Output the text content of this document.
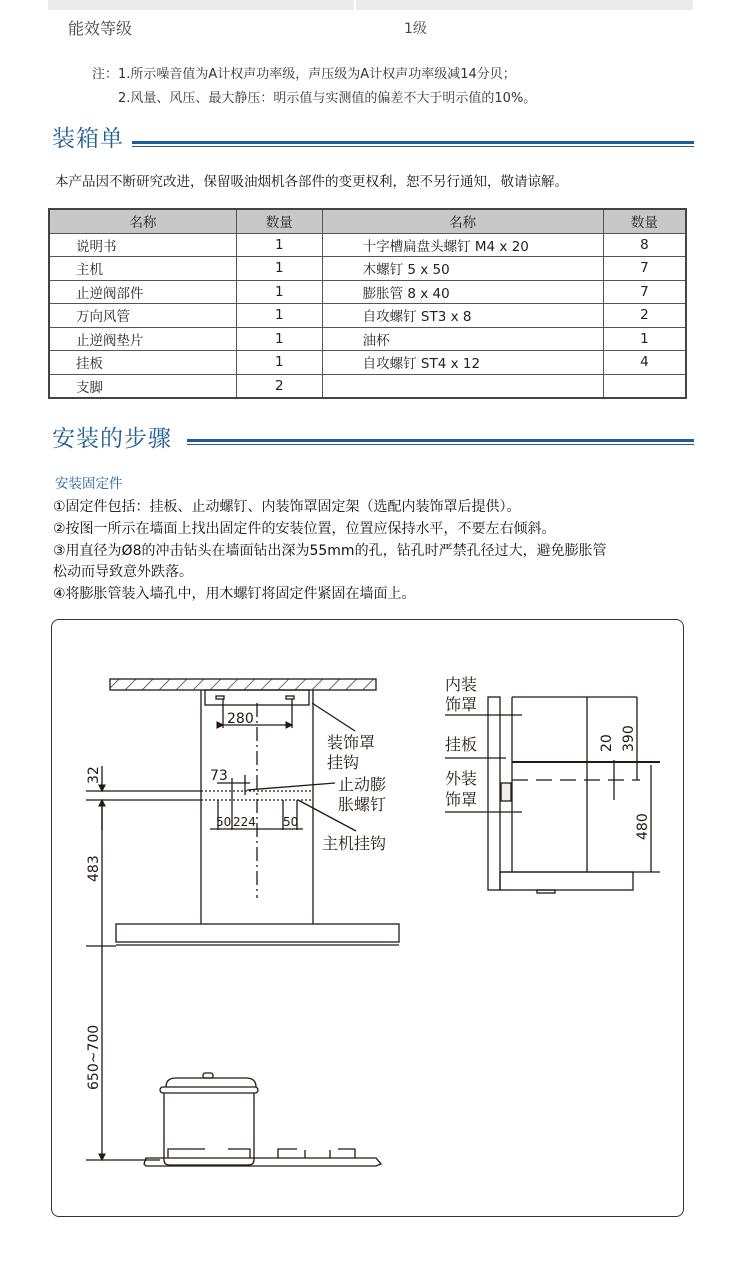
能效等级	1级
注：1.所示噪音值为A计权声功率级，声压级为A计权声功率级减14分贝；
2.风量、风压、最大静压：明示值与实测值的偏差不大于明示值的10%。
装箱单
本产品因不断研究改进，保留吸油烟机各部件的变更权利，恕不另行通知，敬请谅解。
名称	数量	名称	数量
说明书	1	十字槽扁盘头螺钉 M4 x 20	8
主机	1	木螺钉 5 x 50	7
止逆阀部件	1	膨胀管 8 x 40	7
万向风管	1	自攻螺钉 ST3 x 8	2
止逆阀垫片	1	油杯	1
挂板	1	自攻螺钉 ST4 x 12	4
支脚	2		
安装的步骤
安装固定件
①固定件包括：挂板、止动螺钉、内装饰罩固定架（选配内装饰罩后提供）。
②按图一所示在墙面上找出固定件的安装位置，位置应保持水平，不要左右倾斜。
③用直径为Ø8的冲击钻头在墙面钻出深为55mm的孔，钻孔时严禁孔径过大，避免膨胀管
松动而导致意外跌落。
④将膨胀管装入墙孔中，用木螺钉将固定件紧固在墙面上。
280
73
50 224 50
32
483
650~700
装饰罩
挂钩
止动膨
胀螺钉
主机挂钩
内装
饰罩
挂板
外装
饰罩
20 390
480
